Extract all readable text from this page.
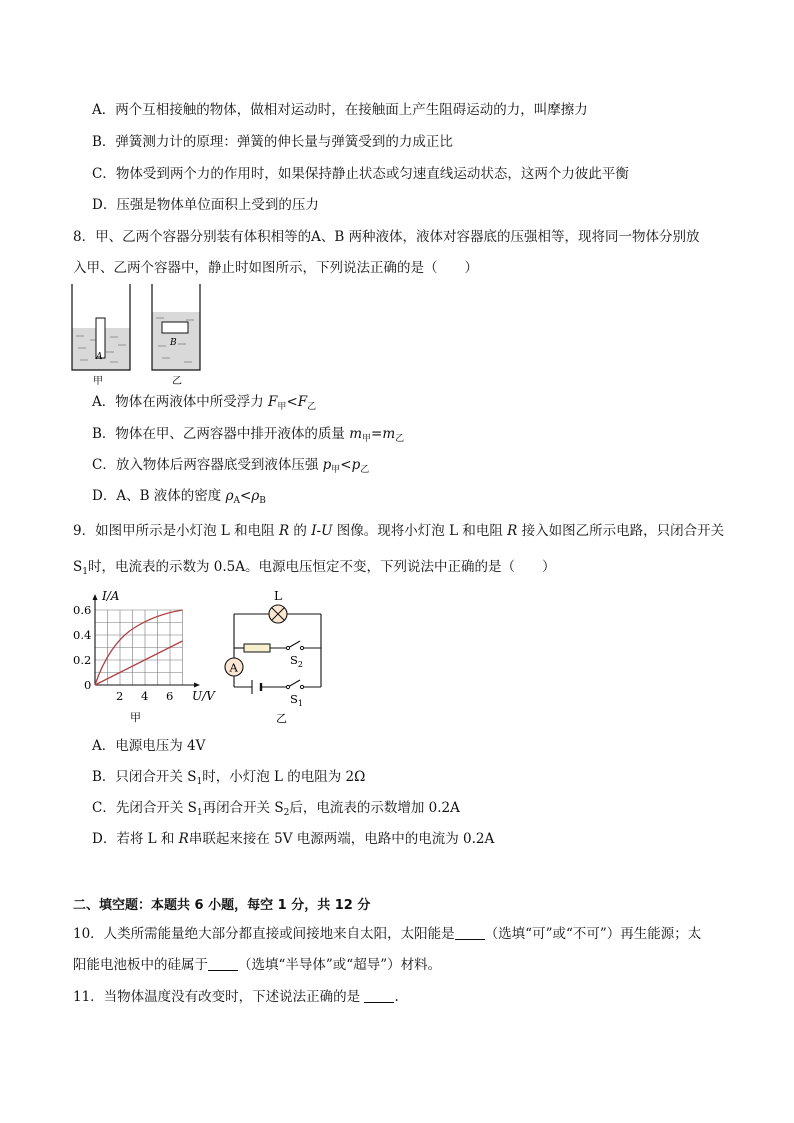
A．两个互相接触的物体，做相对运动时，在接触面上产生阻碍运动的力，叫摩擦力
B．弹簧测力计的原理：弹簧的伸长量与弹簧受到的力成正比
C．物体受到两个力的作用时，如果保持静止状态或匀速直线运动状态，这两个力彼此平衡
D．压强是物体单位面积上受到的压力
8．甲、乙两个容器分别装有体积相等的A、B 两种液体，液体对容器底的压强相等，现将同一物体分别放
入甲、乙两个容器中，静止时如图所示，下列说法正确的是（　　）
A
甲
B
乙
A．物体在两液体中所受浮力 $F_甲<F_乙$
B．物体在甲、乙两容器中排开液体的质量 $m_甲=m_乙$
C．放入物体后两容器底受到液体压强 $p_甲<p_乙$
D．A、B 液体的密度 $\rho_A<\rho_B$
9．如图甲所示是小灯泡 L 和电阻 R 的 I-U 图像。现将小灯泡 L 和电阻 R 接入如图乙所示电路，只闭合开关
$S_1$时，电流表的示数为 0.5A。电源电压恒定不变，下列说法中正确的是（　　）
I/A
0.6
0.4
0.2
0
2 4 6 U/V
甲
L
A
$S_2$
$S_1$
乙
A．电源电压为 4V
B．只闭合开关 $S_1$时，小灯泡 L 的电阻为 2Ω
C．先闭合开关 $S_1$再闭合开关 $S_2$后，电流表的示数增加 0.2A
D．若将 L 和 R串联起来接在 5V 电源两端，电路中的电流为 0.2A
二、填空题：本题共 6 小题，每空 1 分，共 12 分
10．人类所需能量绝大部分都直接或间接地来自太阳，太阳能是 （选填“可”或“不可”）再生能源；太
阳能电池板中的硅属于 （选填“半导体”或“超导”）材料。
11．当物体温度没有改变时，下述说法正确的是 .
